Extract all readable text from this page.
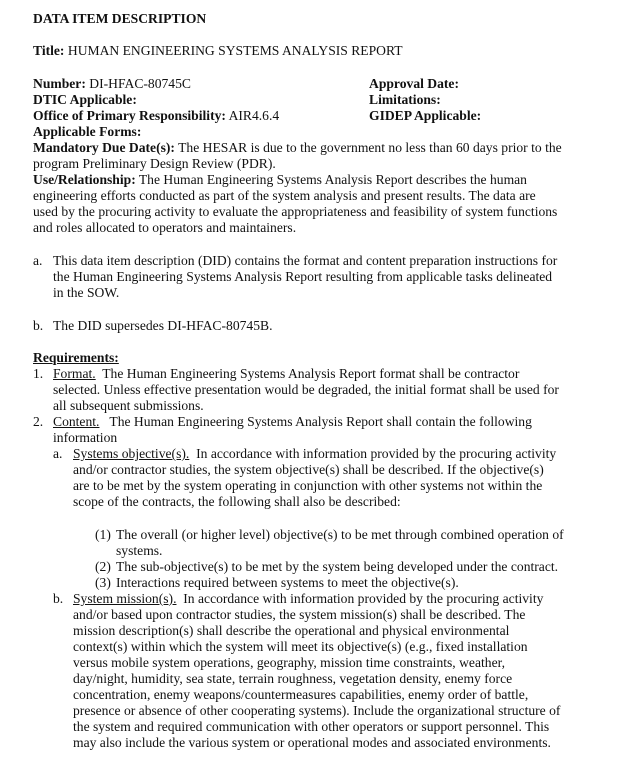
DATA ITEM DESCRIPTION
Title: HUMAN ENGINEERING SYSTEMS ANALYSIS REPORT
Number: DI-HFAC-80745C
DTIC Applicable:
Office of Primary Responsibility: AIR4.6.4
Applicable Forms:
Approval Date:
Limitations:
GIDEP Applicable:
Mandatory Due Date(s): The HESAR is due to the government no less than 60 days prior to the
program Preliminary Design Review (PDR).
Use/Relationship: The Human Engineering Systems Analysis Report describes the human
engineering efforts conducted as part of the system analysis and present results. The data are
used by the procuring activity to evaluate the appropriateness and feasibility of system functions
and roles allocated to operators and maintainers.
a. This data item description (DID) contains the format and content preparation instructions for
the Human Engineering Systems Analysis Report resulting from applicable tasks delineated
in the SOW.
b. The DID supersedes DI-HFAC-80745B.
Requirements:
1. Format.  The Human Engineering Systems Analysis Report format shall be contractor
selected. Unless effective presentation would be degraded, the initial format shall be used for
all subsequent submissions.
2. Content.   The Human Engineering Systems Analysis Report shall contain the following
information
a. Systems objective(s).  In accordance with information provided by the procuring activity
and/or contractor studies, the system objective(s) shall be described. If the objective(s)
are to be met by the system operating in conjunction with other systems not within the
scope of the contracts, the following shall also be described:
(1) The overall (or higher level) objective(s) to be met through combined operation of
systems.
(2) The sub-objective(s) to be met by the system being developed under the contract.
(3) Interactions required between systems to meet the objective(s).
b. System mission(s).  In accordance with information provided by the procuring activity
and/or based upon contractor studies, the system mission(s) shall be described. The
mission description(s) shall describe the operational and physical environmental
context(s) within which the system will meet its objective(s) (e.g., fixed installation
versus mobile system operations, geography, mission time constraints, weather,
day/night, humidity, sea state, terrain roughness, vegetation density, enemy force
concentration, enemy weapons/countermeasures capabilities, enemy order of battle,
presence or absence of other cooperating systems). Include the organizational structure of
the system and required communication with other operators or support personnel. This
may also include the various system or operational modes and associated environments.
